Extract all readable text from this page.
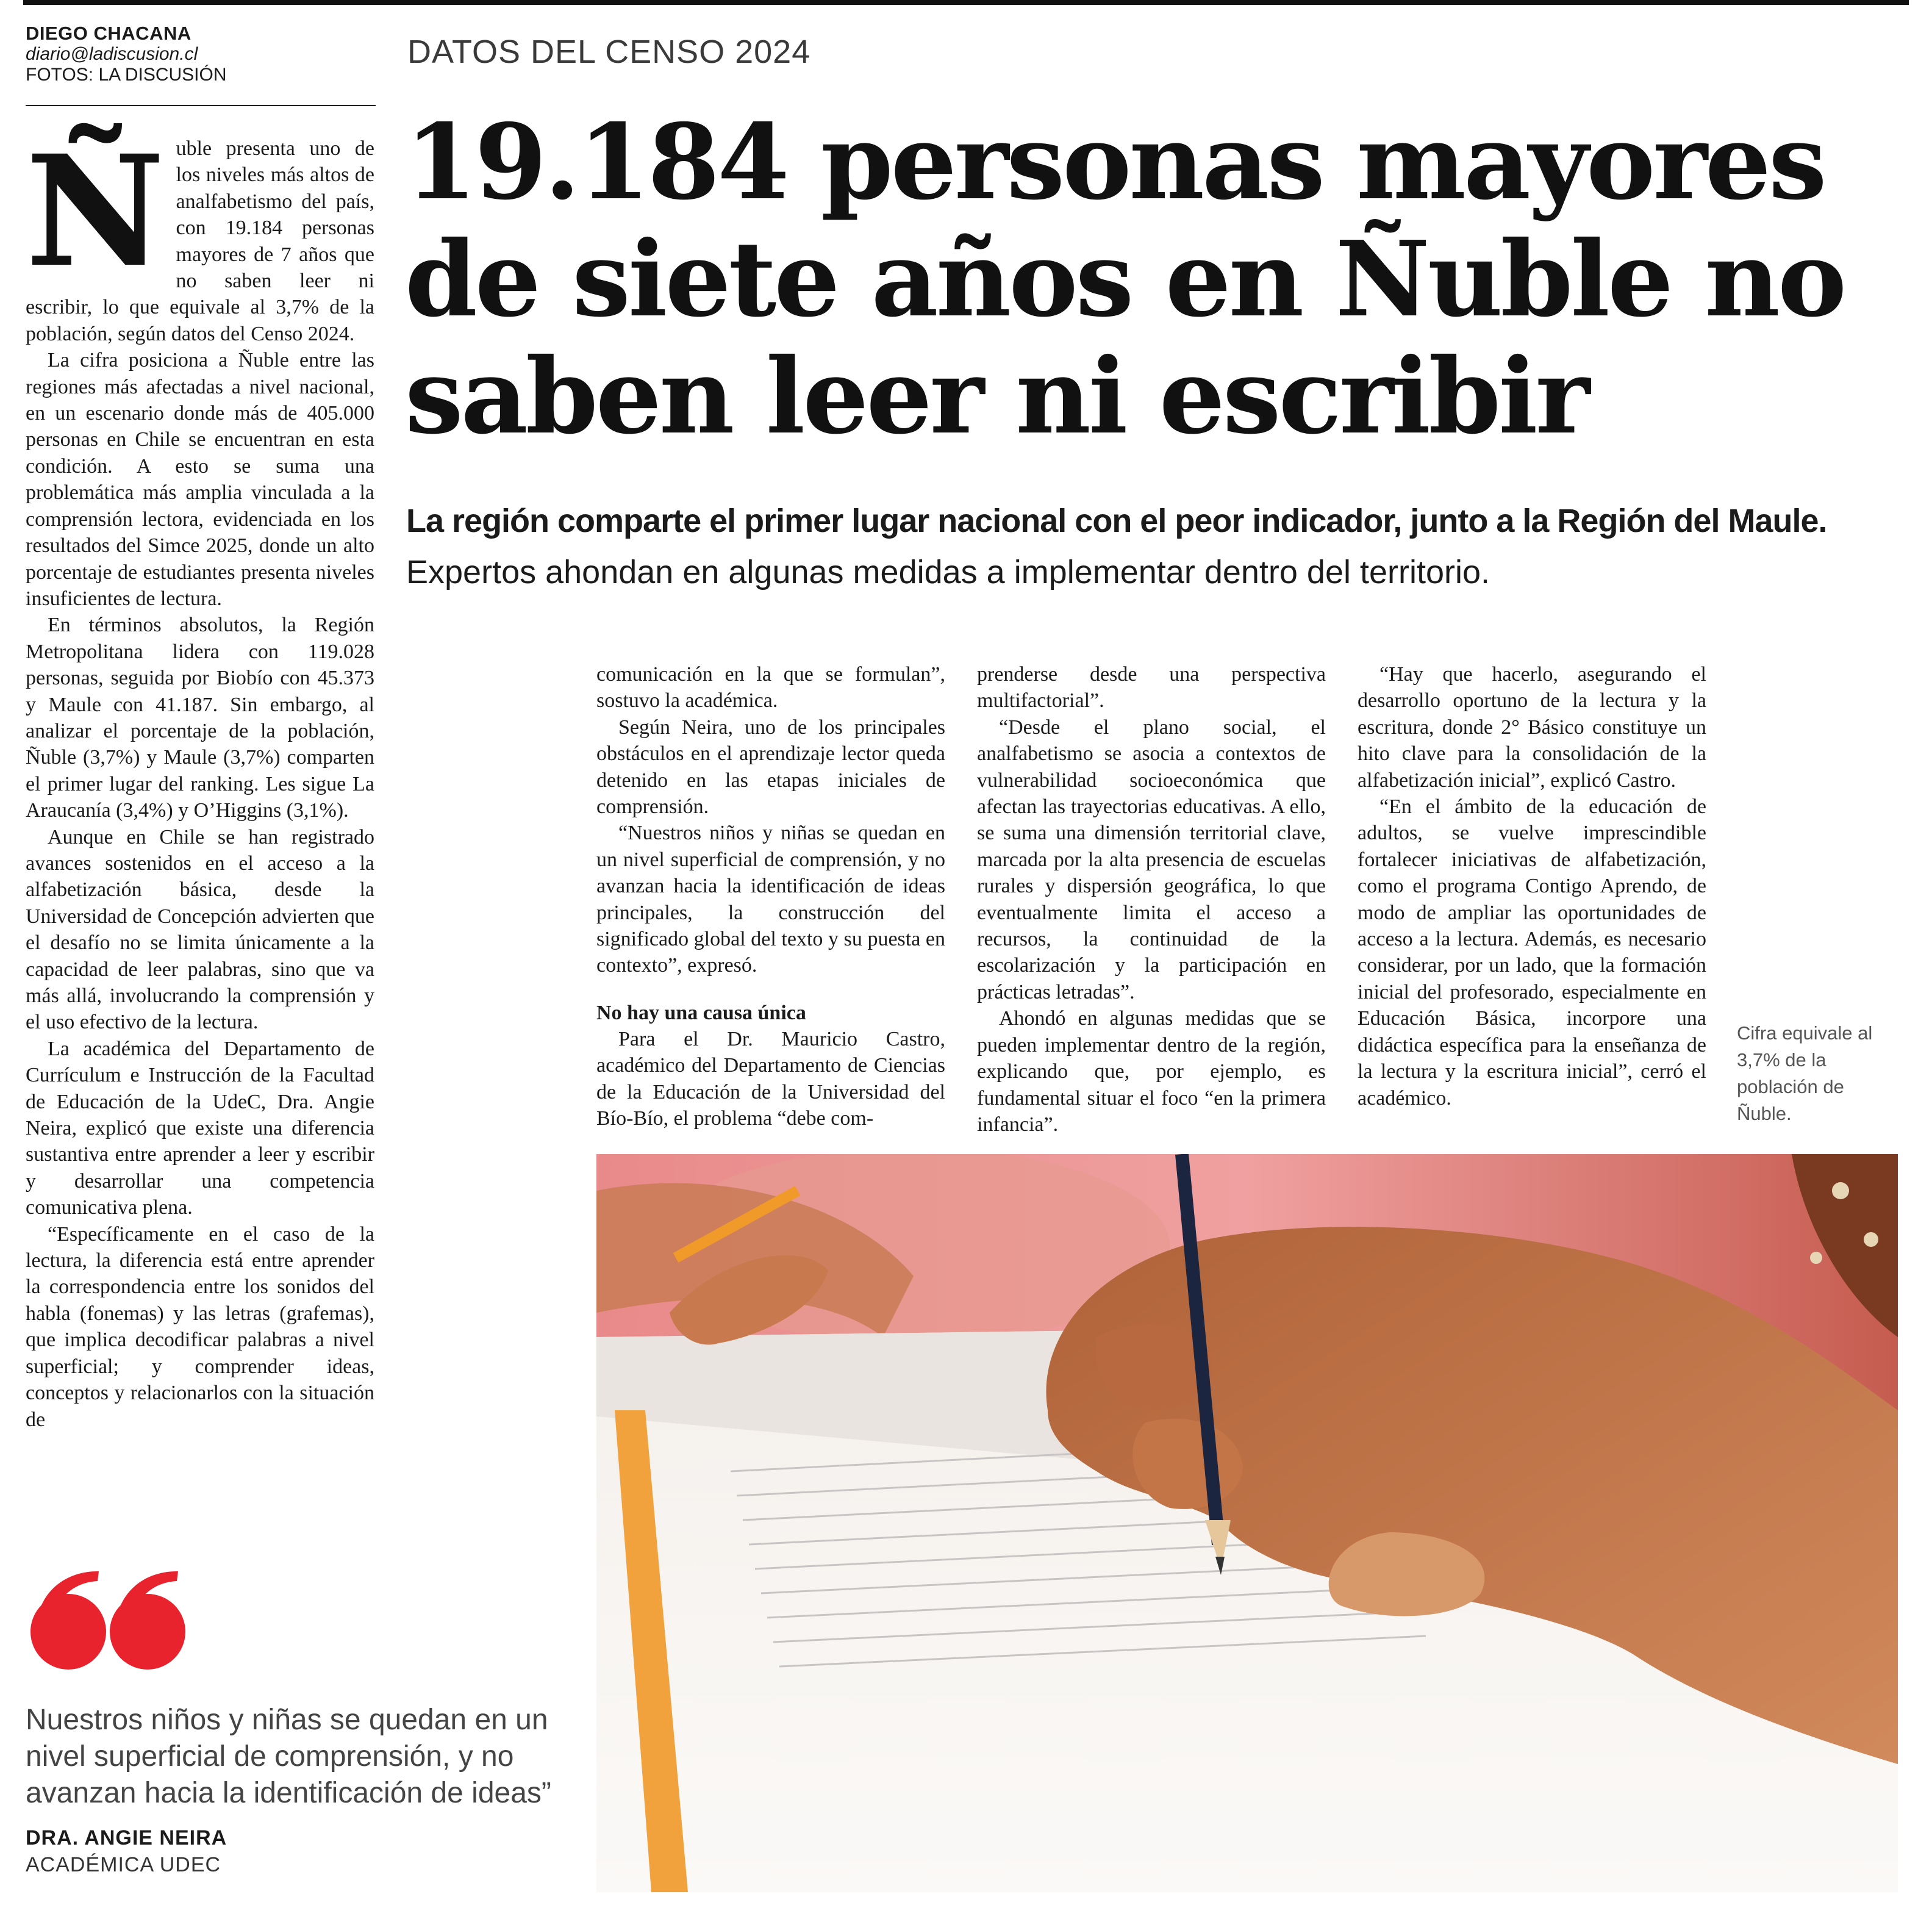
DIEGO CHACANA
diario@ladiscusion.cl
FOTOS: LA DISCUSIÓN
DATOS DEL CENSO 2024
19.184 personas mayores de siete años en Ñuble no saben leer ni escribir
La región comparte el primer lugar nacional con el peor indicador, junto a la Región del Maule. Expertos ahondan en algunas medidas a implementar dentro del territorio.
Ñ uble presenta uno de los niveles más altos de analfabetismo del país, con 19.184 personas mayores de 7 años que no saben leer ni escribir, lo que equivale al 3,7% de la población, según datos del Censo 2024.

La cifra posiciona a Ñuble entre las regiones más afectadas a nivel nacional, en un escenario donde más de 405.000 personas en Chile se encuentran en esta condición. A esto se suma una problemática más amplia vinculada a la comprensión lectora, evidenciada en los resultados del Simce 2025, donde un alto porcentaje de estudiantes presenta niveles insuficientes de lectura.

En términos absolutos, la Región Metropolitana lidera con 119.028 personas, seguida por Biobío con 45.373 y Maule con 41.187. Sin embargo, al analizar el porcentaje de la población, Ñuble (3,7%) y Maule (3,7%) comparten el primer lugar del ranking. Les sigue La Araucanía (3,4%) y O’Higgins (3,1%).

Aunque en Chile se han registrado avances sostenidos en el acceso a la alfabetización básica, desde la Universidad de Concepción advierten que el desafío no se limita únicamente a la capacidad de leer palabras, sino que va más allá, involucrando la comprensión y el uso efectivo de la lectura.

La académica del Departamento de Currículum e Instrucción de la Facultad de Educación de la UdeC, Dra. Angie Neira, explicó que existe una diferencia sustantiva entre aprender a leer y escribir y desarrollar una competencia comunicativa plena.

“Específicamente en el caso de la lectura, la diferencia está entre aprender la correspondencia entre los sonidos del habla (fonemas) y las letras (grafemas), que implica decodificar palabras a nivel superficial; y comprender ideas, conceptos y relacionarlos con la situación de

comunicación en la que se formulan”, sostuvo la académica.

Según Neira, uno de los principales obstáculos en el aprendizaje lector queda detenido en las etapas iniciales de comprensión.

“Nuestros niños y niñas se quedan en un nivel superficial de comprensión, y no avanzan hacia la identificación de ideas principales, la construcción del significado global del texto y su puesta en contexto”, expresó.

No hay una causa única

Para el Dr. Mauricio Castro, académico del Departamento de Ciencias de la Educación de la Universidad del Bío-Bío, el problema “debe com-

prenderse desde una perspectiva multifactorial”.

“Desde el plano social, el analfabetismo se asocia a contextos de vulnerabilidad socioeconómica que afectan las trayectorias educativas. A ello, se suma una dimensión territorial clave, marcada por la alta presencia de escuelas rurales y dispersión geográfica, lo que eventualmente limita el acceso a recursos, la continuidad de la escolarización y la participación en prácticas letradas”.

Ahondó en algunas medidas que se pueden implementar dentro de la región, explicando que, por ejemplo, es fundamental situar el foco “en la primera infancia”.

“Hay que hacerlo, asegurando el desarrollo oportuno de la lectura y la escritura, donde 2° Básico constituye un hito clave para la consolidación de la alfabetización inicial”, explicó Castro.

“En el ámbito de la educación de adultos, se vuelve imprescindible fortalecer iniciativas de alfabetización, como el programa Contigo Aprendo, de modo de ampliar las oportunidades de acceso a la lectura. Además, es necesario considerar, por un lado, que la formación inicial del profesorado, especialmente en Educación Básica, incorpore una didáctica específica para la enseñanza de la lectura y la escritura inicial”, cerró el académico.

Cifra equivale al 3,7% de la población de Ñuble.
Nuestros niños y niñas se quedan en un nivel superficial de comprensión, y no avanzan hacia la identificación de ideas”
DRA. ANGIE NEIRA
ACADÉMICA UDEC
